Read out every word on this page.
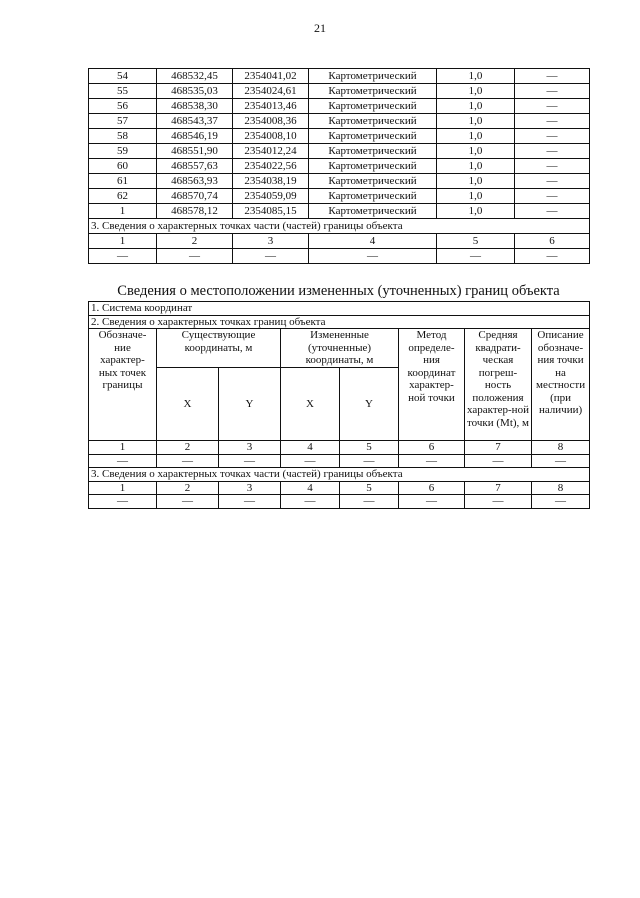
21
54	468532,45	2354041,02	Картометрический	1,0	—
55	468535,03	2354024,61	Картометрический	1,0	—
56	468538,30	2354013,46	Картометрический	1,0	—
57	468543,37	2354008,36	Картометрический	1,0	—
58	468546,19	2354008,10	Картометрический	1,0	—
59	468551,90	2354012,24	Картометрический	1,0	—
60	468557,63	2354022,56	Картометрический	1,0	—
61	468563,93	2354038,19	Картометрический	1,0	—
62	468570,74	2354059,09	Картометрический	1,0	—
1	468578,12	2354085,15	Картометрический	1,0	—
3. Сведения о характерных точках части (частей) границы объекта					
1	2	3	4	5	6
—	—	—	—	—	—
Сведения о местоположении измененных (уточненных) границ объекта
1. Система координат							
2. Сведения о характерных точках границ объекта							
Обозначе-ние характер-ных точек границы	Существующие координаты, м		Измененные (уточненные) координаты, м		Метод определе-ния координат характер-ной точки	Средняя квадрати-ческая погреш-ность положения характер-ной точки (Mt), м	Описание обозначе-ния точки на местности (при наличии)
	X	Y	X	Y			
1	2	3	4	5	6	7	8
—	—	—	—	—	—	—	—
3. Сведения о характерных точках части (частей) границы объекта							
1	2	3	4	5	6	7	8
—	—	—	—	—	—	—	—
